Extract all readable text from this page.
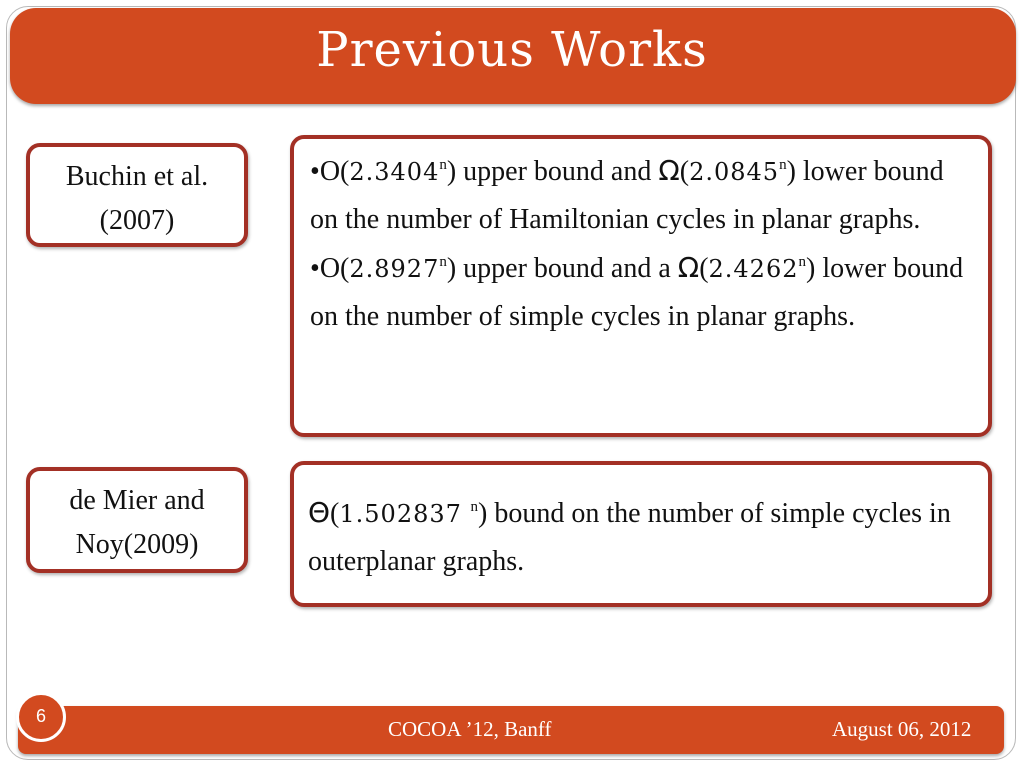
Previous Works
Buchin et al.
(2007)

•O(2.3404$^n$) upper bound and Ω(2.0845$^n$) lower bound on the number of Hamiltonian cycles in planar graphs.

•O(2.8927$^n$) upper bound and a Ω(2.4262$^n$) lower bound on the number of simple cycles in planar graphs.

de Mier and
Noy(2009)

Θ(1.502837 $^n$) bound on the number of simple cycles in outerplanar graphs.

6
COCOA ’12, Banff	August 06, 2012
